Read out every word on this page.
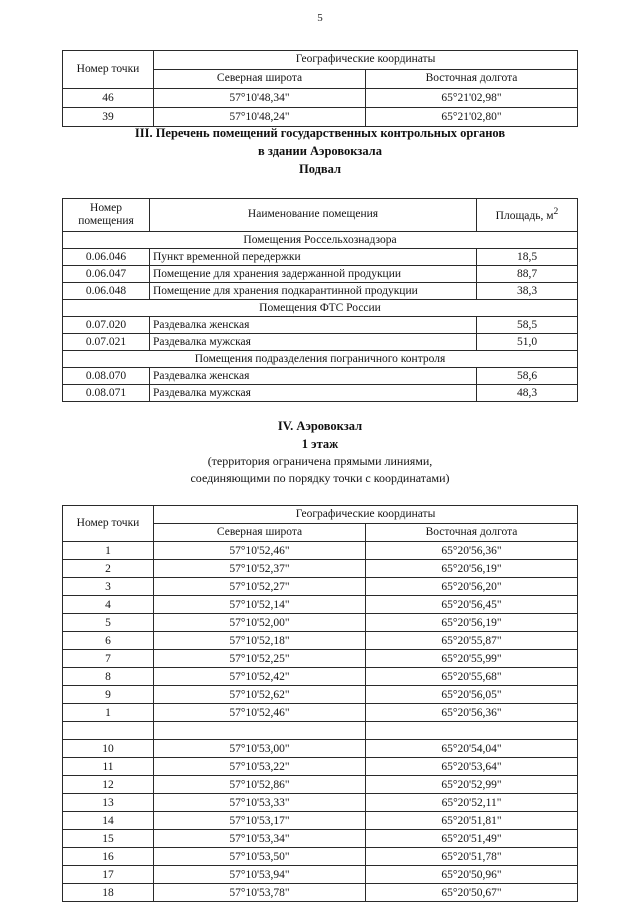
5
Номер точки	Географические координаты	
	Северная широта	Восточная долгота
46	57°10'48,34"	65°21'02,98"
39	57°10'48,24"	65°21'02,80"
III. Перечень помещений государственных контрольных органов
в здании Аэровокзала
Подвал
Номер помещения	Наименование помещения	Площадь, $м^2$
Помещения Россельхознадзора		
0.06.046	Пункт временной передержки	18,5
0.06.047	Помещение для хранения задержанной продукции	88,7
0.06.048	Помещение для хранения подкарантинной продукции	38,3
Помещения ФТС России		
0.07.020	Раздевалка женская	58,5
0.07.021	Раздевалка мужская	51,0
Помещения подразделения пограничного контроля		
0.08.070	Раздевалка женская	58,6
0.08.071	Раздевалка мужская	48,3
IV. Аэровокзал
1 этаж
(территория ограничена прямыми линиями,
соединяющими по порядку точки с координатами)
Номер точки	Географические координаты	
	Северная широта	Восточная долгота
1	57°10'52,46"	65°20'56,36"
2	57°10'52,37"	65°20'56,19"
3	57°10'52,27"	65°20'56,20"
4	57°10'52,14"	65°20'56,45"
5	57°10'52,00"	65°20'56,19"
6	57°10'52,18"	65°20'55,87"
7	57°10'52,25"	65°20'55,99"
8	57°10'52,42"	65°20'55,68"
9	57°10'52,62"	65°20'56,05"
1	57°10'52,46"	65°20'56,36"

10	57°10'53,00"	65°20'54,04"
11	57°10'53,22"	65°20'53,64"
12	57°10'52,86"	65°20'52,99"
13	57°10'53,33"	65°20'52,11"
14	57°10'53,17"	65°20'51,81"
15	57°10'53,34"	65°20'51,49"
16	57°10'53,50"	65°20'51,78"
17	57°10'53,94"	65°20'50,96"
18	57°10'53,78"	65°20'50,67"
